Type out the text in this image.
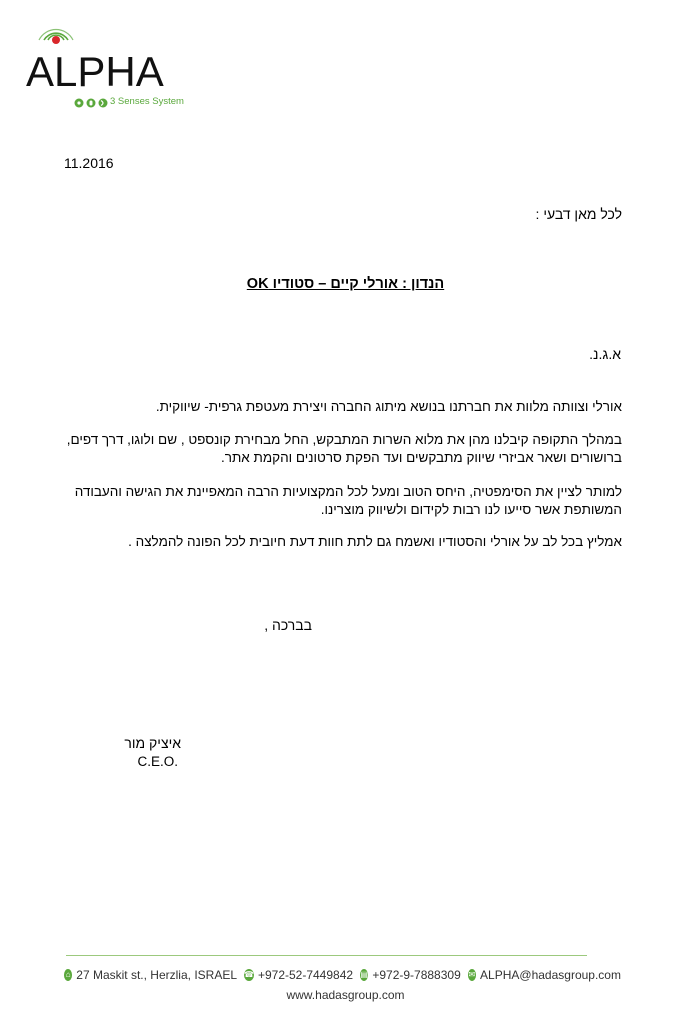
ALPHA
3 Senses System
11.2016
לכל מאן דבעי :
הנדון : אורלי קיים – סטודיו OK
א.ג.נ.
אורלי וצוותה מלוות את חברתנו בנושא מיתוג החברה ויצירת מעטפת גרפית- שיווקית.
במהלך התקופה קיבלנו מהן את מלוא השרות המתבקש, החל מבחירת קונספט , שם ולוגו, דרך דפים, ברושורים ושאר אביזרי שיווק מתבקשים ועד הפקת סרטונים והקמת אתר.
למותר לציין את הסימפטיה, היחס הטוב ומעל לכל המקצועיות הרבה המאפיינת את הגישה והעבודה המשותפת אשר סייעו לנו רבות לקידום ולשיווק מוצרינו.
אמליץ בכל לב על אורלי והסטודיו ואשמח גם לתת חוות דעת חיובית לכל הפונה להמלצה .
בברכה ,
איציק מור
C.E.O.
⌂ 27 Maskit st., Herzlia, ISRAEL ☎ +972-52-7449842 ▤ +972-9-7888309 ✉ ALPHA@hadasgroup.com
www.hadasgroup.com
